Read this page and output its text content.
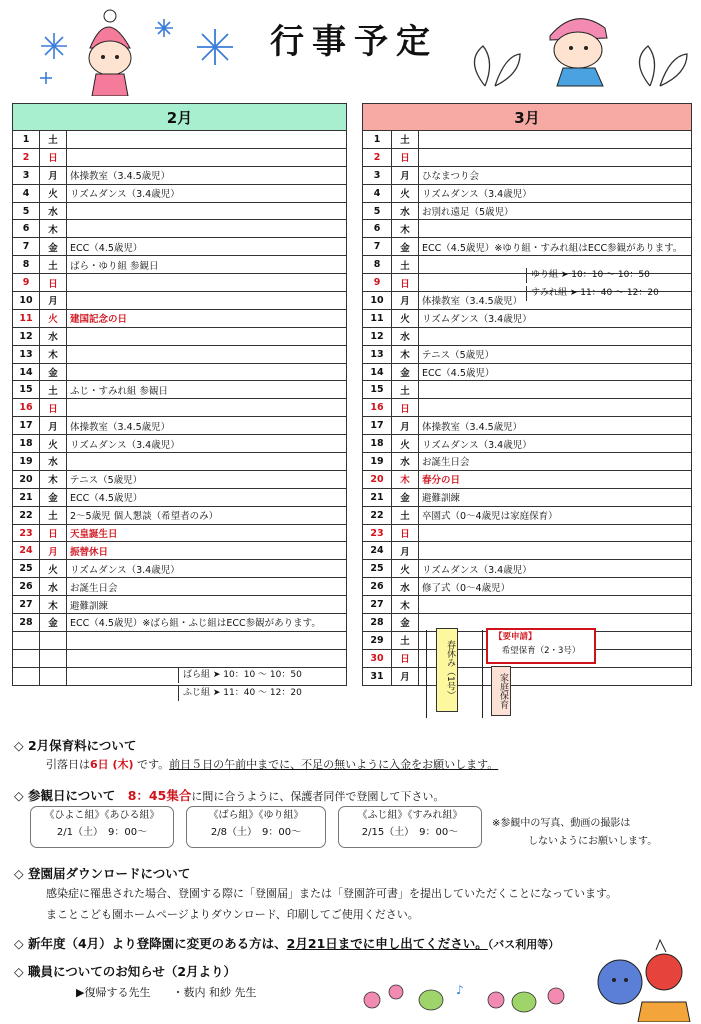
行事予定
2月		
1	土	
2	日	
3	月	体操教室（3.4.5歳児）
4	火	リズムダンス（3.4歳児）
5	水	
6	木	
7	金	ECC（4.5歳児）
8	土	ばら・ゆり組 参観日
9	日	
10	月	
11	火	建国記念の日
12	水	
13	木	
14	金	
15	土	ふじ・すみれ組 参観日
16	日	
17	月	体操教室（3.4.5歳児）
18	火	リズムダンス（3.4歳児）
19	水	
20	木	テニス（5歳児）
21	金	ECC（4.5歳児）
22	土	2～5歳児 個人懇談（希望者のみ）
23	日	天皇誕生日
24	月	振替休日
25	火	リズムダンス（3.4歳児）
26	水	お誕生日会
27	木	避難訓練
28	金	ECC（4.5歳児）※ばら組・ふじ組はECC参観があります。

3月		
1	土	
2	日	
3	月	ひなまつり会
4	火	リズムダンス（3.4歳児）
5	水	お別れ遠足（5歳児）
6	木	
7	金	ECC（4.5歳児）※ゆり組・すみれ組はECC参観があります。
8	土	
9	日	
10	月	体操教室（3.4.5歳児）
11	火	リズムダンス（3.4歳児）
12	水	
13	木	テニス（5歳児）
14	金	ECC（4.5歳児）
15	土	
16	日	
17	月	体操教室（3.4.5歳児）
18	火	リズムダンス（3.4歳児）
19	水	お誕生日会
20	木	春分の日
21	金	避難訓練
22	土	卒園式（0～4歳児は家庭保育）
23	日	
24	月	
25	火	リズムダンス（3.4歳児）
26	水	修了式（0～4歳児）
27	木	
28	金	
29	土	
30	日	
31	月	
ばら組 ➤ 10：10 ～ 10：50
ふじ組 ➤ 11：40 ～ 12：20
ゆり組 ➤ 10：10 ～ 10：50
すみれ組 ➤ 11：40 ～ 12：20
春休み（1号）	家庭保育
【要申請】
希望保育（2・3号）
◇ 2月保育料について
引落日は6日 (木) です。前日５日の午前中までに、不足の無いように入金をお願いします。
◇ 参観日について　 8：45集合に間に合うように、保護者同伴で登園して下さい。
《ひよこ組》《あひる組》
2/1（土）　9：00～
《ばら組》《ゆり組》
2/8（土）　9：00～
《ふじ組》《すみれ組》
2/15（土）　9：00～
※参観中の写真、動画の撮影は
しないようにお願いします。
◇ 登園届ダウンロードについて
感染症に罹患された場合、登園する際に「登園届」または「登園許可書」を提出していただくことになっています。
まことこども園ホームページよりダウンロード、印刷してご使用ください。
◇ 新年度（4月）より登降園に変更のある方は、2月21日までに申し出てください。（バス利用等）
◇ 職員についてのお知らせ（2月より）
▶復帰する先生　　 ・薮内 和紗 先生	♪
